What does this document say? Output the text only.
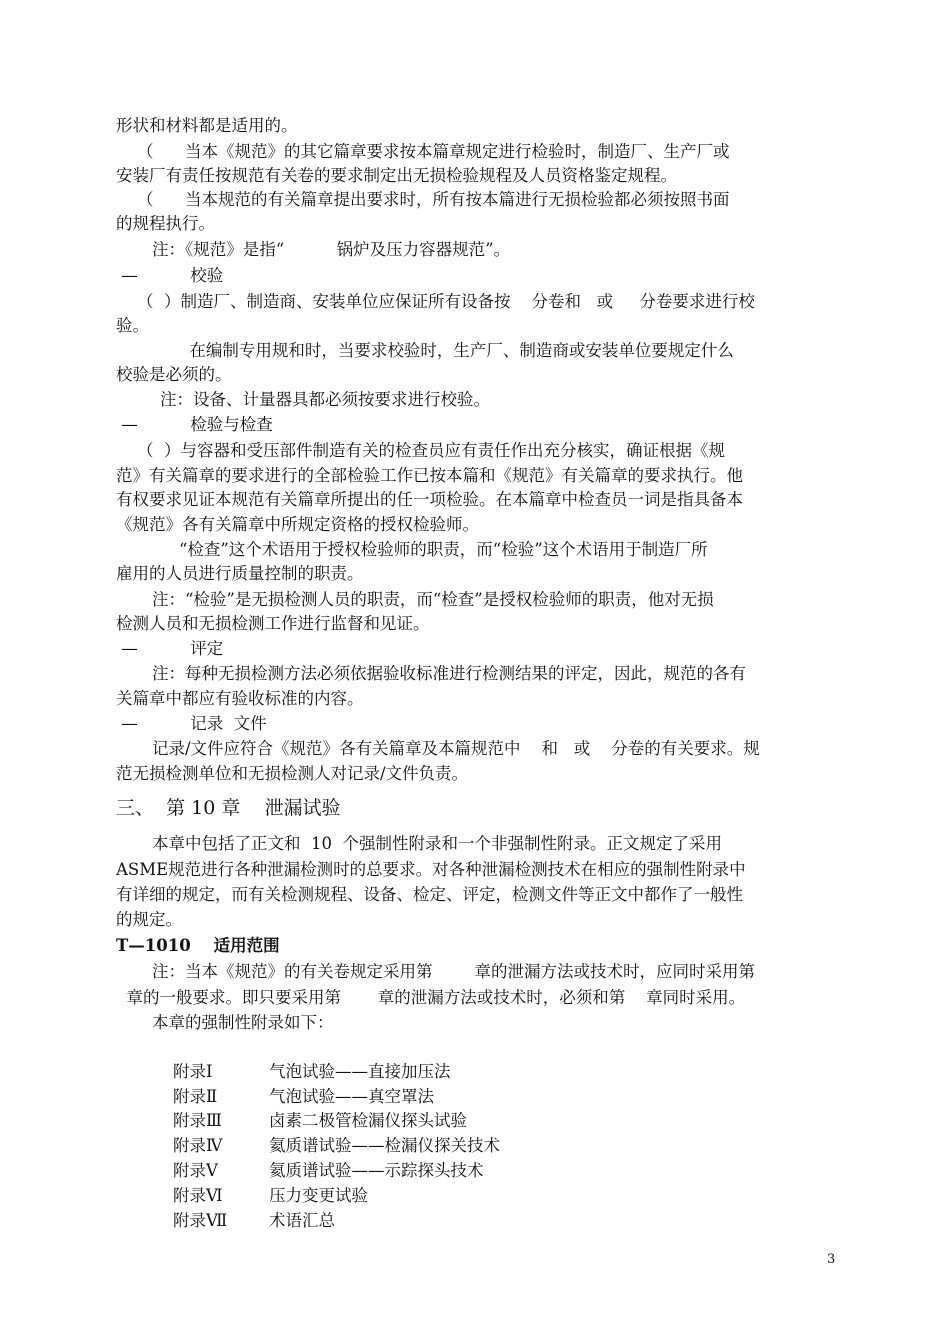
形状和材料都是适用的。
（      当本《规范》的其它篇章要求按本篇章规定进行检验时，制造厂、生产厂或
安装厂有责任按规范有关卷的要求制定出无损检验规程及人员资格鉴定规程。
（      当本规范的有关篇章提出要求时，所有按本篇进行无损检验都必须按照书面
的规程执行。
注：《规范》是指“          锅炉及压力容器规范”。
—          校验
（  ）制造厂、制造商、安装单位应保证所有设备按    分卷和   或     分卷要求进行校
验。
在编制专用规和时，当要求校验时，生产厂、制造商或安装单位要规定什么
校验是必须的。
注：设备、计量器具都必须按要求进行校验。
—          检验与检查
（  ）与容器和受压部件制造有关的检查员应有责任作出充分核实，确证根据《规
范》有关篇章的要求进行的全部检验工作已按本篇和《规范》有关篇章的要求执行。他
有权要求见证本规范有关篇章所提出的任一项检验。在本篇章中检查员一词是指具备本
《规范》各有关篇章中所规定资格的授权检验师。
“检查”这个术语用于授权检验师的职责，而“检验”这个术语用于制造厂所
雇用的人员进行质量控制的职责。
注：“检验”是无损检测人员的职责，而“检查”是授权检验师的职责，他对无损
检测人员和无损检测工作进行监督和见证。
—          评定
注：每种无损检测方法必须依据验收标准进行检测结果的评定，因此，规范的各有
关篇章中都应有验收标准的内容。
—          记录  文件
记录/文件应符合《规范》各有关篇章及本篇规范中    和   或    分卷的有关要求。规
范无损检测单位和无损检测人对记录/文件负责。
三、  第 10 章    泄漏试验
本章中包括了正文和  10  个强制性附录和一个非强制性附录。正文规定了采用
ASME规范进行各种泄漏检测时的总要求。对各种泄漏检测技术在相应的强制性附录中
有详细的规定，而有关检测规程、设备、检定、评定，检测文件等正文中都作了一般性
的规定。
T—1010    适用范围
注：当本《规范》的有关卷规定采用第        章的泄漏方法或技术时，应同时采用第
章的一般要求。即只要采用第       章的泄漏方法或技术时，必须和第    章同时采用。
本章的强制性附录如下：

附录Ⅰ	气泡试验——直接加压法

附录Ⅱ	气泡试验——真空罩法

附录Ⅲ	卤素二极管检漏仪探头试验

附录Ⅳ	氦质谱试验——检漏仪探关技术

附录Ⅴ	氦质谱试验——示踪探头技术

附录Ⅵ	压力变更试验

附录Ⅶ	术语汇总

3
